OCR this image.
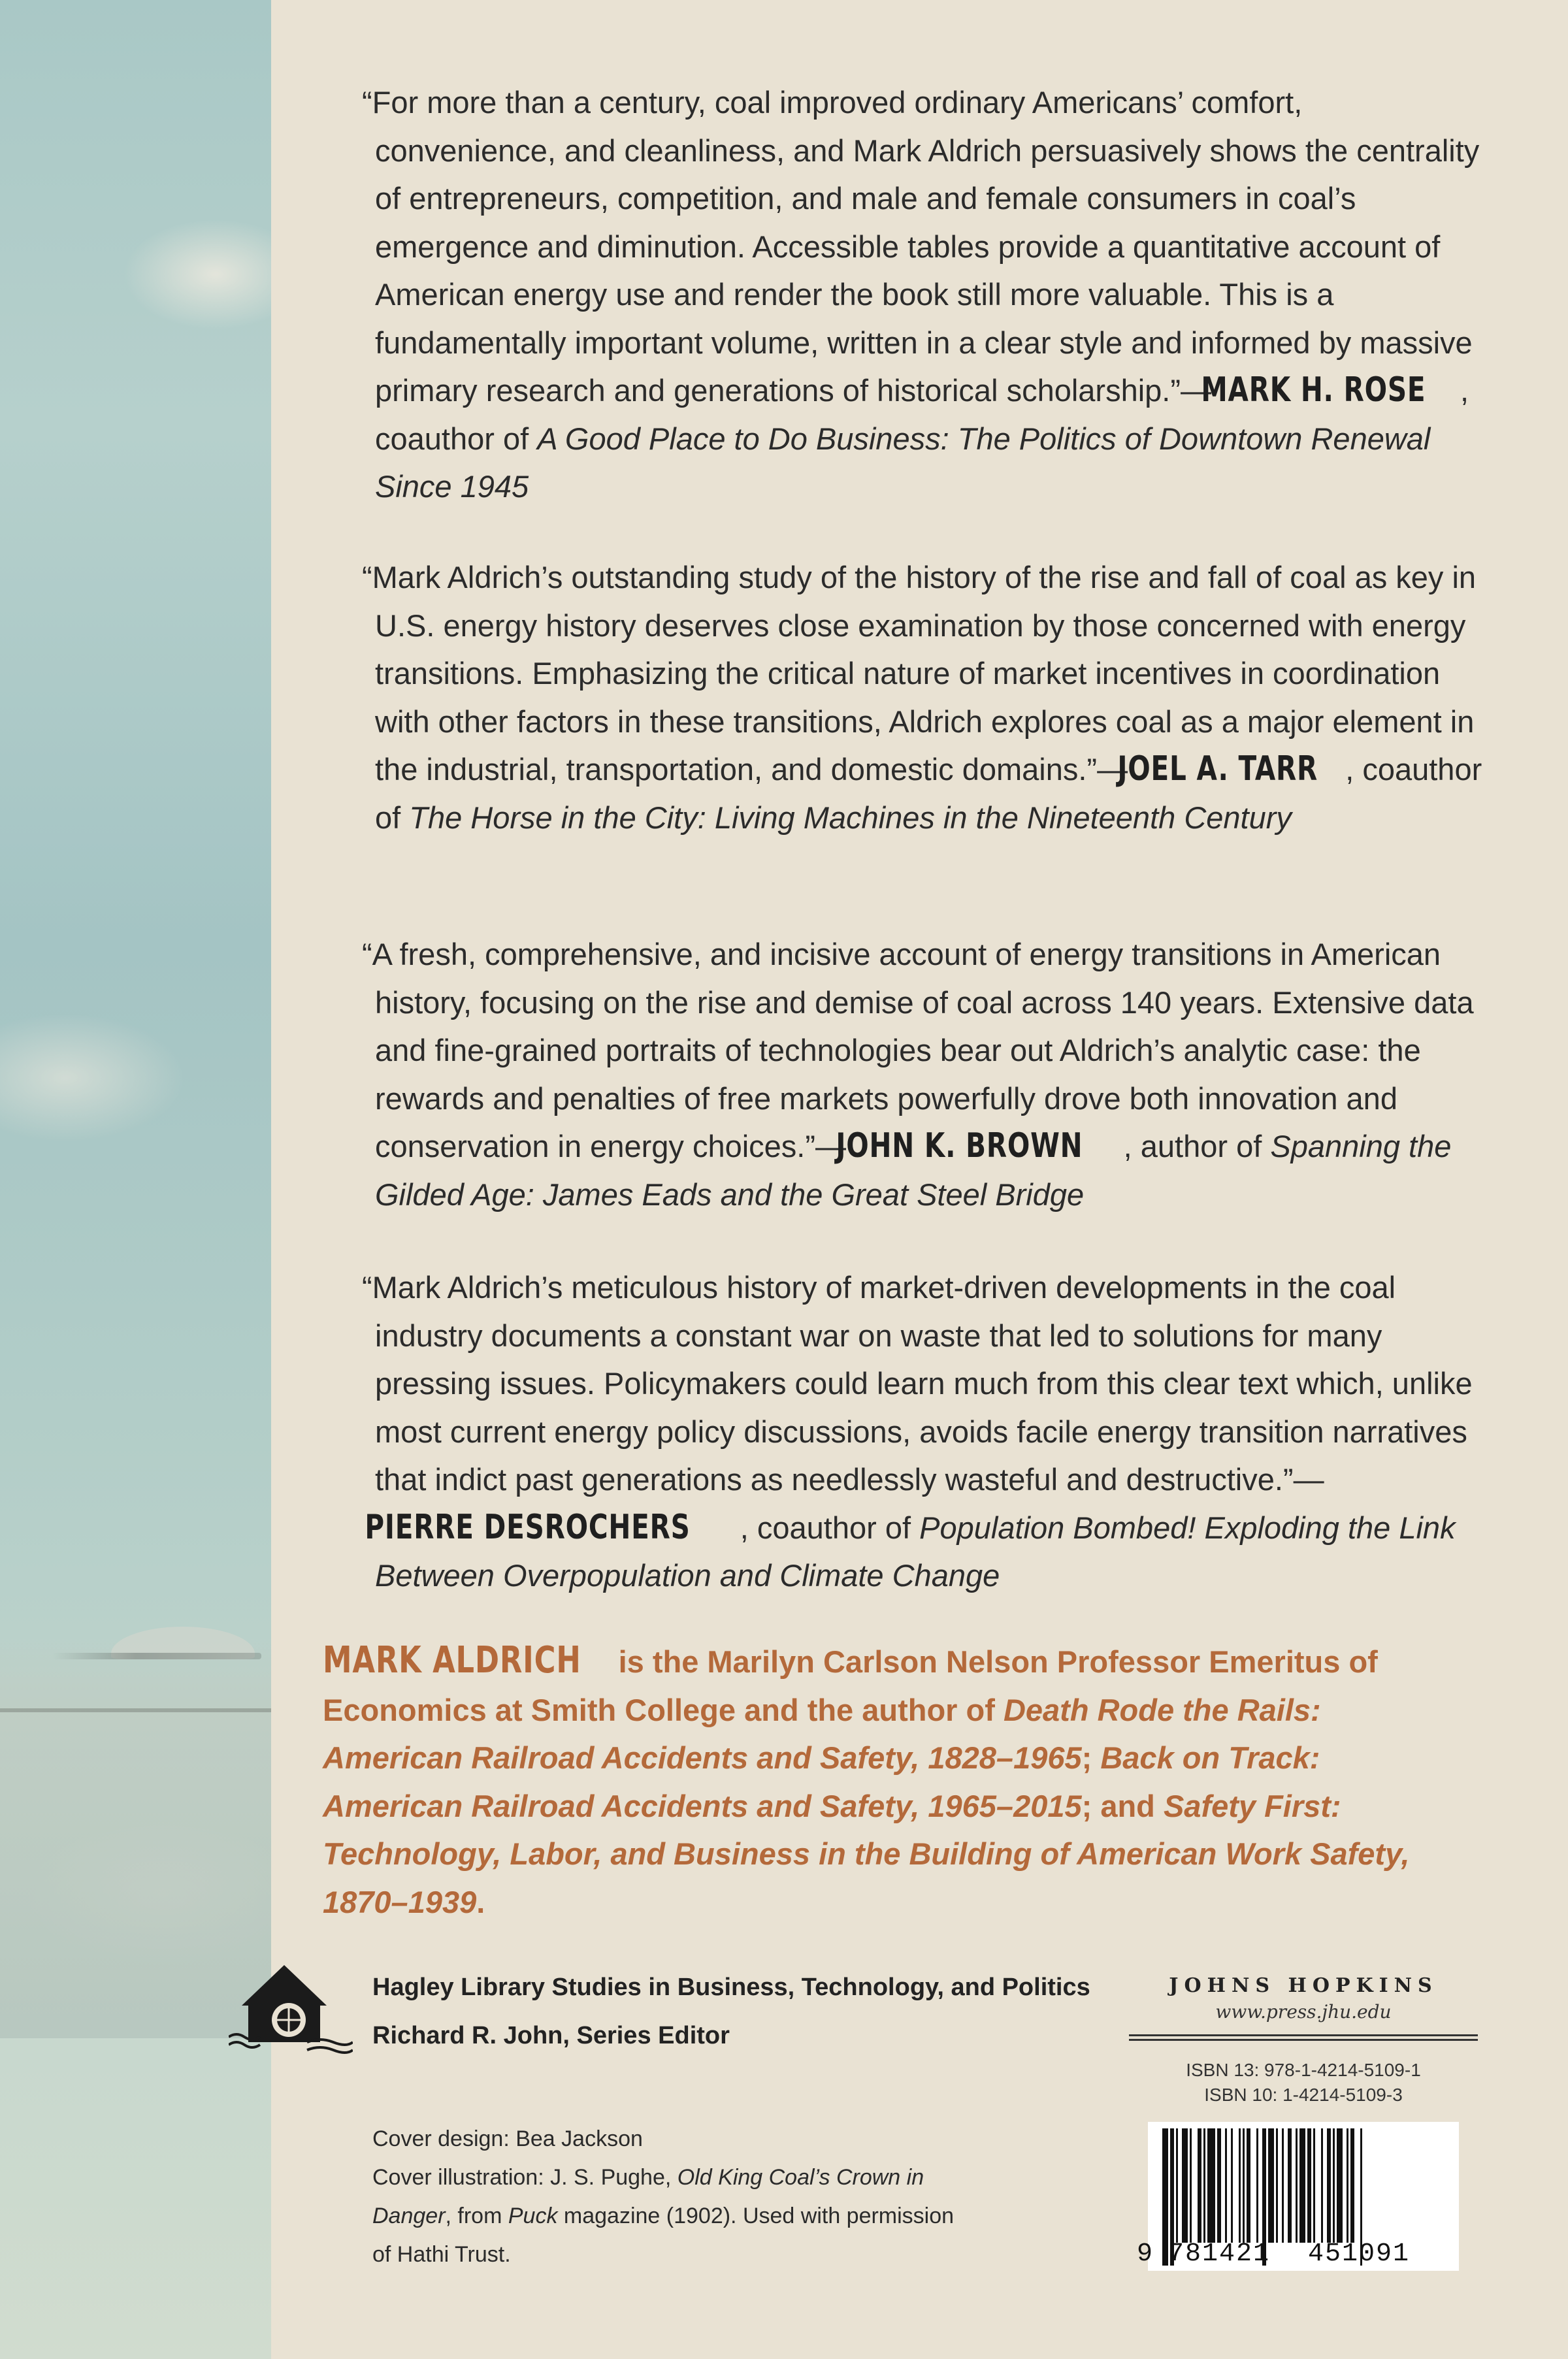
“For more than a century, coal improved ordinary Americans’ comfort, convenience, and cleanliness, and Mark Aldrich persuasively shows the centrality of entrepreneurs, competition, and male and female consumers in coal’s emergence and diminution. Accessible tables provide a quantitative account of American energy use and render the book still more valuable. This is a fundamentally important volume, written in a clear style and informed by massive primary research and generations of historical scholarship.”—MARK H. ROSE , coauthor of A Good Place to Do Business: The Politics of Downtown Renewal Since 1945

“Mark Aldrich’s outstanding study of the history of the rise and fall of coal as key in U.S. energy history deserves close examination by those concerned with energy transitions. Emphasizing the critical nature of market incentives in coordination with other factors in these transitions, Aldrich explores coal as a major element in the industrial, transportation, and domestic domains.”—JOEL A. TARR , coauthor of The Horse in the City: Living Machines in the Nineteenth Century

“A fresh, comprehensive, and incisive account of energy transitions in American history, focusing on the rise and demise of coal across 140 years. Extensive data and fine-grained portraits of technologies bear out Aldrich’s analytic case: the rewards and penalties of free markets powerfully drove both innovation and conservation in energy choices.”—JOHN K. BROWN , author of Spanning the Gilded Age: James Eads and the Great Steel Bridge

“Mark Aldrich’s meticulous history of market-driven developments in the coal industry documents a constant war on waste that led to solutions for many pressing issues. Policymakers could learn much from this clear text which, unlike most current energy policy discussions, avoids facile energy transition narratives that indict past generations as needlessly wasteful and destructive.”—PIERRE DESROCHERS , coauthor of Population Bombed! Exploding the Link Between Overpopulation and Climate Change

MARK ALDRICH is the Marilyn Carlson Nelson Professor Emeritus of Economics at Smith College and the author of Death Rode the Rails: American Railroad Accidents and Safety, 1828–1965; Back on Track: American Railroad Accidents and Safety, 1965–2015; and Safety First: Technology, Labor, and Business in the Building of American Work Safety, 1870–1939.
Hagley Library Studies in Business, Technology, and Politics
Richard R. John, Series Editor
Cover design: Bea Jackson
Cover illustration: J. S. Pughe, Old King Coal’s Crown in Danger, from Puck magazine (1902). Used with permission of Hathi Trust.
JOHNS HOPKINS
www.press.jhu.edu
ISBN 13: 978-1-4214-5109-1
ISBN 10: 1-4214-5109-3
9 781421 451091
